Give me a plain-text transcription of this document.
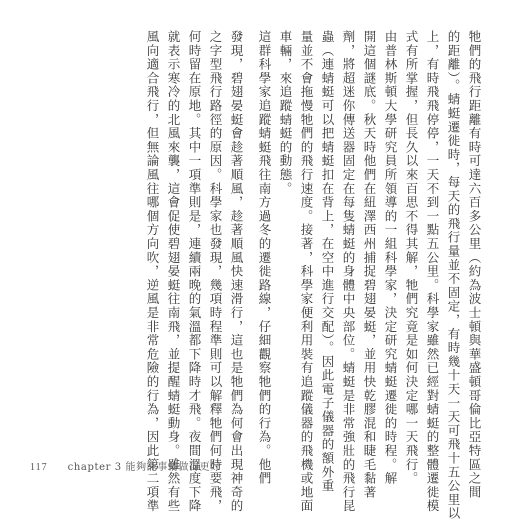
牠們的飛行距離有時可達六百多公里（約為波士頓與華盛頓哥倫比亞特區之間
的距離）。蜻蜓遷徙時，每天的飛行量並不固定，有時幾十天一天可飛十五公里以
上，有時飛飛停停，一天不到一點五公里。科學家雖然已經對蜻蜓的整體遷徙模
式有所掌握，但長久以來百思不得其解，牠們究竟是如何決定哪一天飛行。
由普林斯頓大學研究員所領導的一組科學家，決定研究蜻蜓遷徙的時程。解
開這個謎底。秋天時他們在紐澤西州捕捉碧翅晏蜓，並用快乾膠混和睫毛黏著
劑，將超迷你傳送器固定在每隻蜻蜓的身體中央部位。蜻蜓是非常強壯的飛行昆
蟲（連蜻蜓可以把蜻蜓扣在背上，在空中進行交配）。因此電子儀器的額外重
量並不會拖慢牠們的飛行速度。接著，科學家便利用裝有追蹤儀器的飛機或地面
車輛，來追蹤蜻蜓的動態。
這群科學家追蹤蜻蜓飛往南方過冬的遷徙路線，仔細觀察牠們的行為。他們
發現，碧翅晏蜓會趁著順風，趁著順風快速滑行，這也是牠們為何會出現神奇的
之字型飛行路徑的原因。科學家也發現，幾項時程準則可以解釋牠們何時要飛，
何時留在原地。其中一項準則是，連續兩晚的氣溫都下降時才飛。夜間溫度下降
就表示寒冷的北風來襲，這會促使碧翅晏蜓往南飛，並提醒蜻蜓動身。雖然有些
風向適合飛行，但無論風往哪個方向吹，逆風是非常危險的行為，因此第二項準
117 chapter 3 能夠能事情做得更好
